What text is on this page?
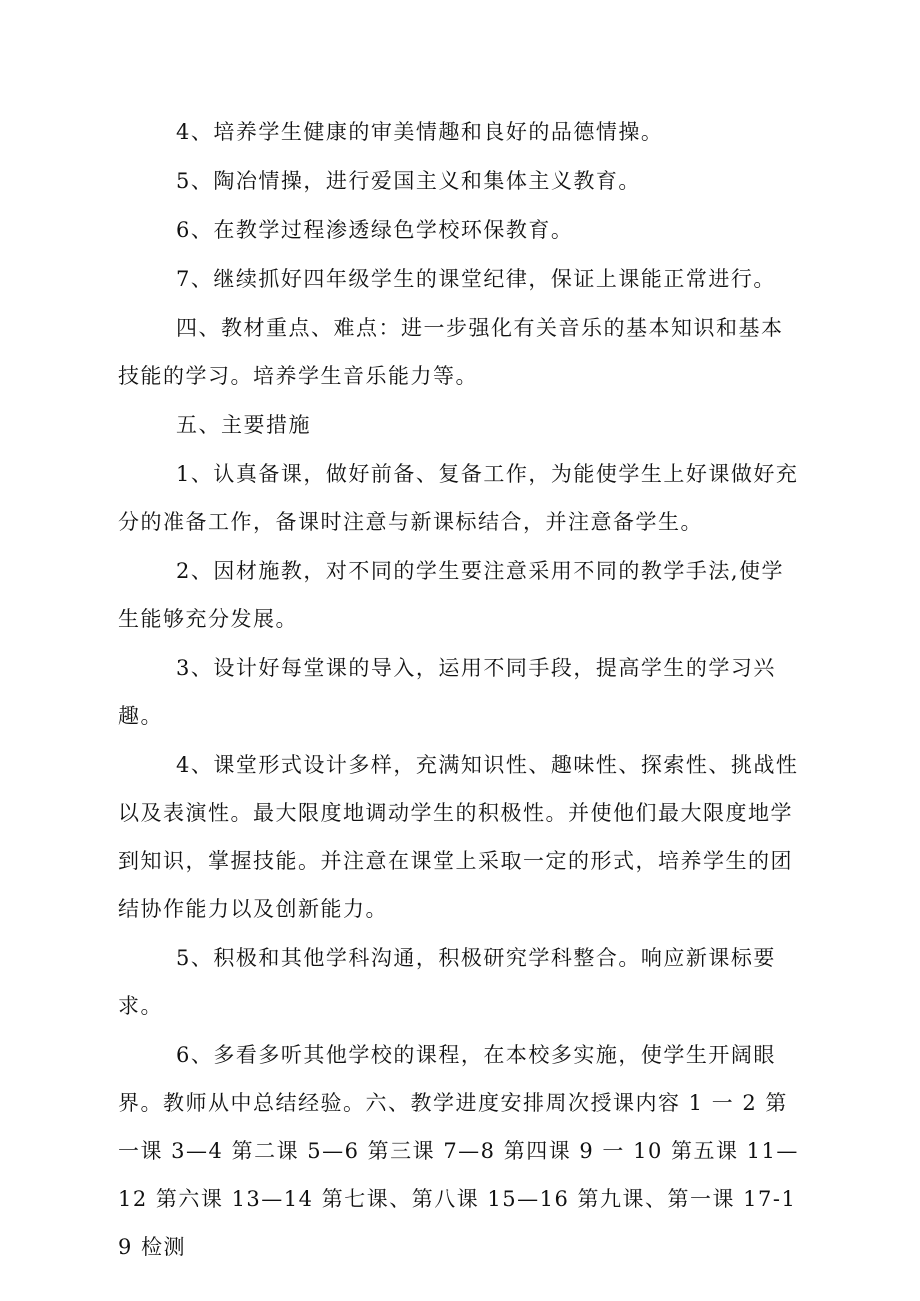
4、培养学生健康的审美情趣和良好的品德情操。

5、陶冶情操，进行爱国主义和集体主义教育。

6、在教学过程渗透绿色学校环保教育。

7、继续抓好四年级学生的课堂纪律，保证上课能正常进行。

四、教材重点、难点：进一步强化有关音乐的基本知识和基本技能的学习。培养学生音乐能力等。

五、主要措施

1、认真备课，做好前备、复备工作，为能使学生上好课做好充分的准备工作，备课时注意与新课标结合，并注意备学生。

2、因材施教，对不同的学生要注意采用不同的教学手法,使学生能够充分发展。

3、设计好每堂课的导入，运用不同手段，提高学生的学习兴趣。

4、课堂形式设计多样，充满知识性、趣味性、探索性、挑战性以及表演性。最大限度地调动学生的积极性。并使他们最大限度地学到知识，掌握技能。并注意在课堂上采取一定的形式，培养学生的团结协作能力以及创新能力。

5、积极和其他学科沟通，积极研究学科整合。响应新课标要求。

6、多看多听其他学校的课程，在本校多实施，使学生开阔眼界。教师从中总结经验。六、教学进度安排周次授课内容 1 一 2 第一课 3—4 第二课 5—6 第三课 7—8 第四课 9 一 10 第五课 11—12 第六课 13—14 第七课、第八课 15—16 第九课、第一课 17-19 检测
